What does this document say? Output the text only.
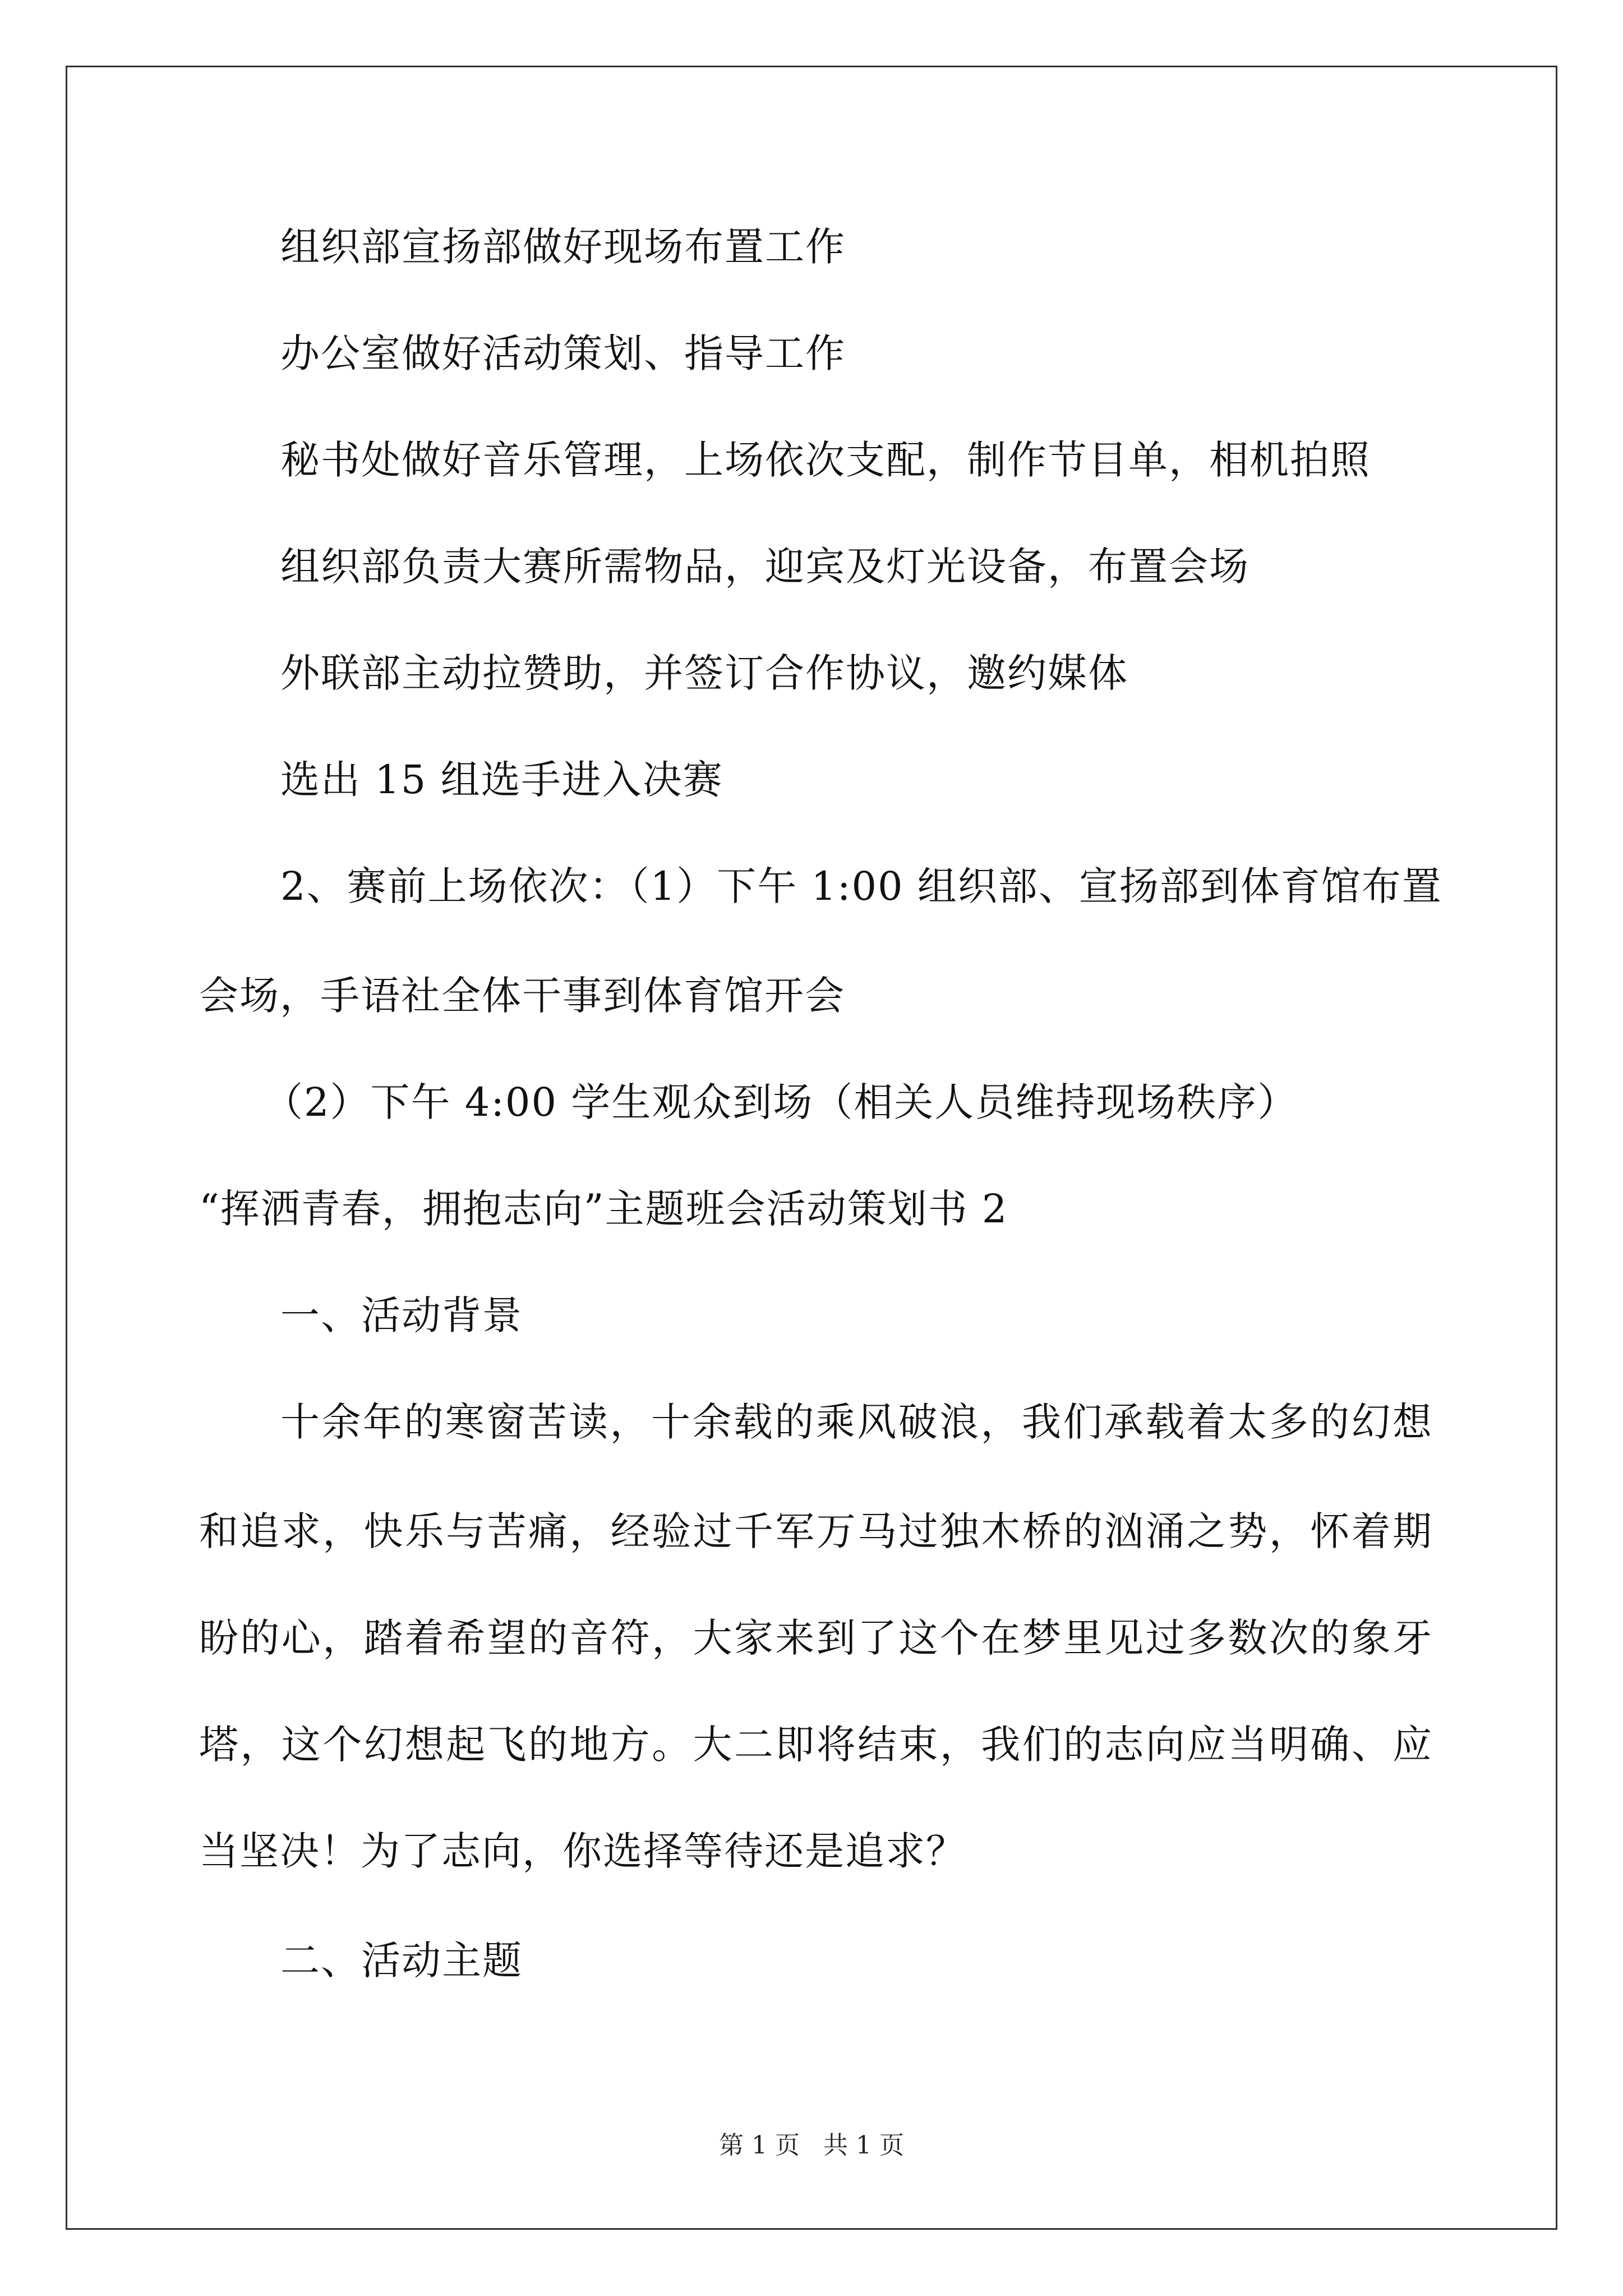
组织部宣扬部做好现场布置工作
办公室做好活动策划、指导工作
秘书处做好音乐管理，上场依次支配，制作节目单，相机拍照
组织部负责大赛所需物品，迎宾及灯光设备，布置会场
外联部主动拉赞助，并签订合作协议，邀约媒体
选出 15 组选手进入决赛
2、赛前上场依次：（1）下午 1:00 组织部、宣扬部到体育馆布置
会场，手语社全体干事到体育馆开会
（2）下午 4:00 学生观众到场（相关人员维持现场秩序）
“挥洒青春，拥抱志向”主题班会活动策划书 2
一、活动背景
十余年的寒窗苦读，十余载的乘风破浪，我们承载着太多的幻想
和追求，快乐与苦痛，经验过千军万马过独木桥的汹涌之势，怀着期
盼的心，踏着希望的音符，大家来到了这个在梦里见过多数次的象牙
塔，这个幻想起飞的地方。大二即将结束，我们的志向应当明确、应
当坚决！为了志向，你选择等待还是追求？
二、活动主题
第 1 页 共 1 页
